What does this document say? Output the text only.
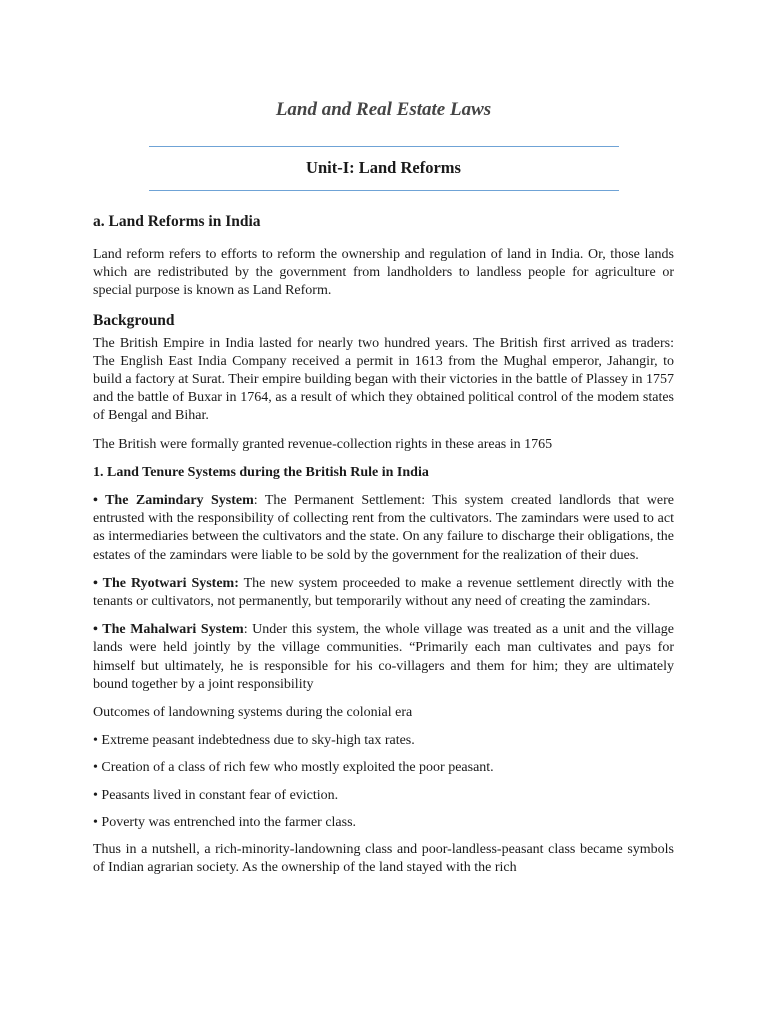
Land and Real Estate Laws
Unit-I: Land Reforms
a. Land Reforms in India

Land reform refers to efforts to reform the ownership and regulation of land in India. Or, those lands which are redistributed by the government from landholders to landless people for agriculture or special purpose is known as Land Reform.

Background

The British Empire in India lasted for nearly two hundred years. The British first arrived as traders: The English East India Company received a permit in 1613 from the Mughal emperor, Jahangir, to build a factory at Surat. Their empire building began with their victories in the battle of Plassey in 1757 and the battle of Buxar in 1764, as a result of which they obtained political control of the modem states of Bengal and Bihar.

The British were formally granted revenue-collection rights in these areas in 1765

1. Land Tenure Systems during the British Rule in India

• The Zamindary System: The Permanent Settlement: This system created landlords that were entrusted with the responsibility of collecting rent from the cultivators. The zamindars were used to act as intermediaries between the cultivators and the state. On any failure to discharge their obligations, the estates of the zamindars were liable to be sold by the government for the realization of their dues.

• The Ryotwari System: The new system proceeded to make a revenue settlement directly with the tenants or cultivators, not permanently, but temporarily without any need of creating the zamindars.

• The Mahalwari System: Under this system, the whole village was treated as a unit and the village lands were held jointly by the village communities. “Primarily each man cultivates and pays for himself but ultimately, he is responsible for his co-villagers and them for him; they are ultimately bound together by a joint responsibility

Outcomes of landowning systems during the colonial era

• Extreme peasant indebtedness due to sky-high tax rates.

• Creation of a class of rich few who mostly exploited the poor peasant.

• Peasants lived in constant fear of eviction.

• Poverty was entrenched into the farmer class.

Thus in a nutshell, a rich-minority-landowning class and poor-landless-peasant class became symbols of Indian agrarian society. As the ownership of the land stayed with the rich
